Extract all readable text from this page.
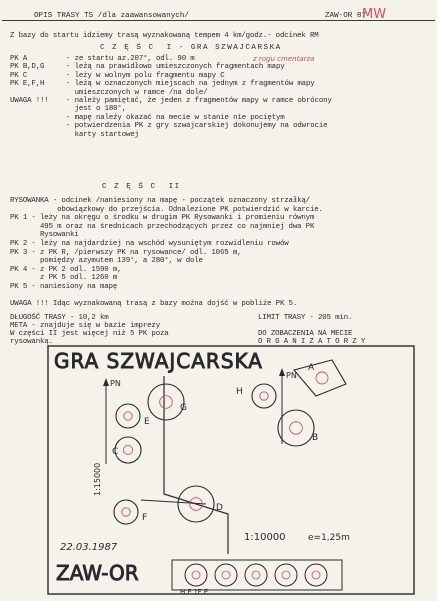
OPIS TRASY TS /dla zaawansowanych/	ZAW-OR 87
MW
Z bazy do startu idziemy trasą wyznakowaną tempem 4 km/godz.- odcinek RM
C Z Ę Ś C  I - GRA SZWAJCARSKA
PK A	- ze startu az.207°, odl. 90 m
PK B,D,G	- leżą na prawidłowo umieszczonych fragmentach mapy
PK C	- leży w wolnym polu fragmentu mapy C
PK E,F,H	- leżą w oznaczonych miejscach na jednym z fragmentów mapy
umieszczonych w ramce /na dole/
UWAGA !!! - należy pamiętać, że jeden z fragmentów mapy w ramce obrócony
jest o 180°,
- mapę należy okazać na mecie w stanie nie pociętym
- potwierdzenia PK z gry szwajcarskiej dokonujemy na odwrocie
karty startowej
z rogu cmentarza
C Z Ę Ś C  II
RYSOWANKA - odcinek /naniesiony na mapę - początek oznaczony strzałką/
obowiązkowy do przejścia. Odnalezione PK potwierdzić w karcie.
PK 1 - leży na okręgu o środku w drugim PK Rysowanki i promieniu równym
495 m oraz na średnicach przechodzących przez co najmniej dwa PK
Rysowanki
PK 2 - leży na najdardziej na wschód wysuniętym rozwidleniu rowów
PK 3 - z PK R, /pierwszy PK na rysowance/ odl. 1065 m,
pomiędzy azymutem 139°, a 280°, w dole
PK 4 - z PK 2 odl. 1590 m,
z PK 5 odl. 1260 m
PK 5 - naniesiony na mapę
UWAGA !!! Idąc wyznakowaną trasą z bazy można dojść w pobliże PK 5.
DŁUGOŚĆ TRASY - 10,2 km	LIMIT TRASY - 205 min.
META - znajduje się w bazie imprezy
W części II jest więcej niż 5 PK poza	DO ZOBACZENIA NA MECIE
rysowanką.	O R G A N I Z A T O R Z Y
GRA SZWAJCARSKA
PN
PN
1:15000
A
B
C
D
E
F
G
H
1:10000 e=1,25m
22.03.1987
ZAW-OR
H F ?F E
